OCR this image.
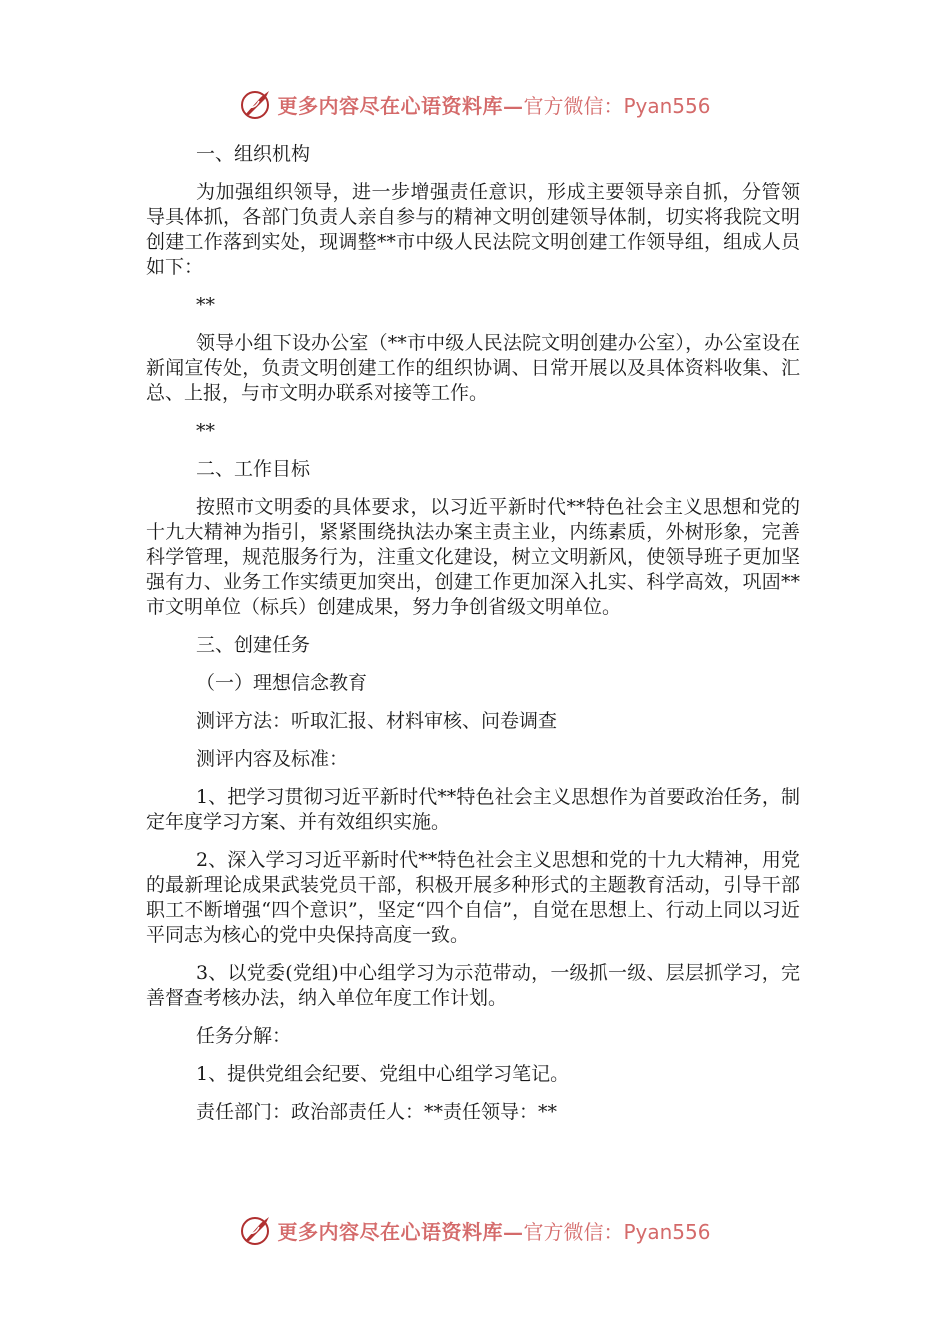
更多内容尽在心语资料库— 官方微信：Pyan556

一、组织机构

为加强组织领导，进一步增强责任意识，形成主要领导亲自抓，分管领导具体抓，各部门负责人亲自参与的精神文明创建领导体制，切实将我院文明创建工作落到实处，现调整**市中级人民法院文明创建工作领导组，组成人员如下：

**

领导小组下设办公室（**市中级人民法院文明创建办公室），办公室设在新闻宣传处，负责文明创建工作的组织协调、日常开展以及具体资料收集、汇总、上报，与市文明办联系对接等工作。

**

二、工作目标

按照市文明委的具体要求，以习近平新时代**特色社会主义思想和党的十九大精神为指引，紧紧围绕执法办案主责主业，内练素质，外树形象，完善科学管理，规范服务行为，注重文化建设，树立文明新风，使领导班子更加坚强有力、业务工作实绩更加突出，创建工作更加深入扎实、科学高效，巩固**市文明单位（标兵）创建成果，努力争创省级文明单位。

三、创建任务

（一）理想信念教育

测评方法：听取汇报、材料审核、问卷调查

测评内容及标准：

1、把学习贯彻习近平新时代**特色社会主义思想作为首要政治任务，制定年度学习方案、并有效组织实施。

2、深入学习习近平新时代**特色社会主义思想和党的十九大精神，用党的最新理论成果武装党员干部，积极开展多种形式的主题教育活动，引导干部职工不断增强“四个意识”，坚定“四个自信”，自觉在思想上、行动上同以习近平同志为核心的党中央保持高度一致。

3、以党委(党组)中心组学习为示范带动，一级抓一级、层层抓学习，完善督查考核办法，纳入单位年度工作计划。

任务分解：

1、提供党组会纪要、党组中心组学习笔记。

责任部门：政治部责任人：**责任领导：**

更多内容尽在心语资料库— 官方微信：Pyan556
